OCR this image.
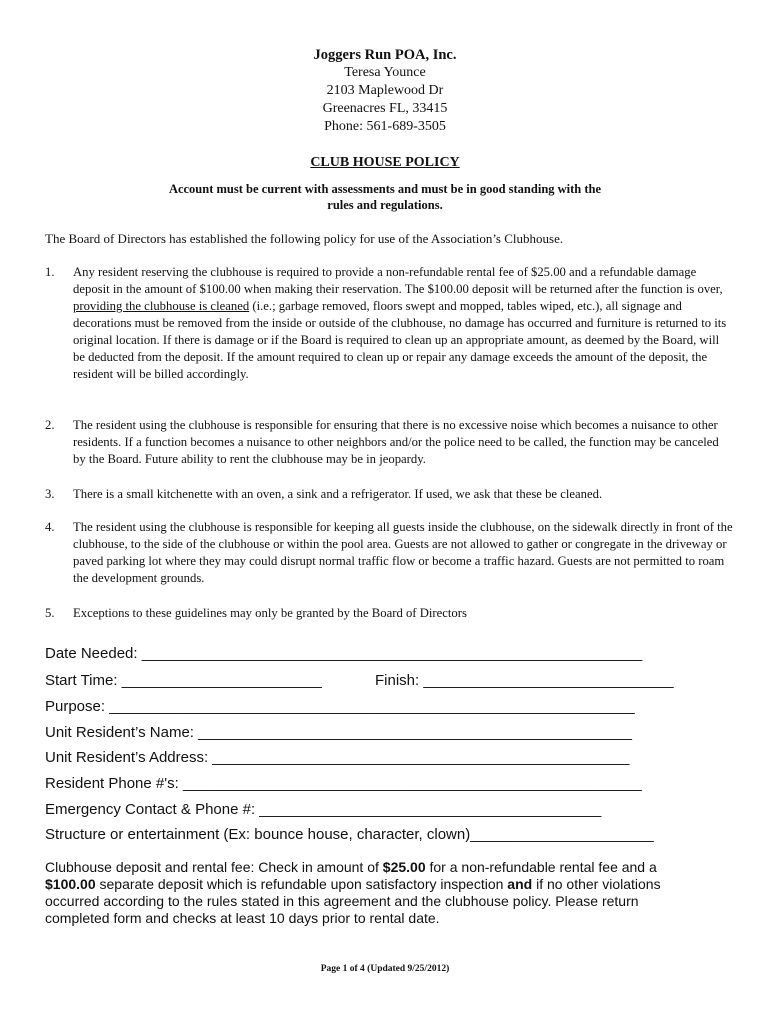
Joggers Run POA, Inc.
Teresa Younce
2103 Maplewood Dr
Greenacres FL, 33415
Phone: 561-689-3505
CLUB HOUSE POLICY
Account must be current with assessments and must be in good standing with the rules and regulations.
The Board of Directors has established the following policy for use of the Association’s Clubhouse.
1. Any resident reserving the clubhouse is required to provide a non-refundable rental fee of $25.00 and a refundable damage deposit in the amount of $100.00 when making their reservation. The $100.00 deposit will be returned after the function is over, providing the clubhouse is cleaned (i.e.; garbage removed, floors swept and mopped, tables wiped, etc.), all signage and decorations must be removed from the inside or outside of the clubhouse, no damage has occurred and furniture is returned to its original location. If there is damage or if the Board is required to clean up an appropriate amount, as deemed by the Board, will be deducted from the deposit. If the amount required to clean up or repair any damage exceeds the amount of the deposit, the resident will be billed accordingly.
2. The resident using the clubhouse is responsible for ensuring that there is no excessive noise which becomes a nuisance to other residents. If a function becomes a nuisance to other neighbors and/or the police need to be called, the function may be canceled by the Board. Future ability to rent the clubhouse may be in jeopardy.
3. There is a small kitchenette with an oven, a sink and a refrigerator. If used, we ask that these be cleaned.
4. The resident using the clubhouse is responsible for keeping all guests inside the clubhouse, on the sidewalk directly in front of the clubhouse, to the side of the clubhouse or within the pool area. Guests are not allowed to gather or congregate in the driveway or paved parking lot where they may could disrupt normal traffic flow or become a traffic hazard. Guests are not permitted to roam the development grounds.
5. Exceptions to these guidelines may only be granted by the Board of Directors
Date Needed: ____________________________________________________________
Start Time: ________________________	Finish: ______________________________
Purpose: _______________________________________________________________
Unit Resident’s Name: ____________________________________________________
Unit Resident’s Address: __________________________________________________
Resident Phone #'s: _______________________________________________________
Emergency Contact & Phone #: _________________________________________
Structure or entertainment (Ex: bounce house, character, clown)______________________
Clubhouse deposit and rental fee: Check in amount of $25.00 for a non-refundable rental fee and a $100.00 separate deposit which is refundable upon satisfactory inspection and if no other violations occurred according to the rules stated in this agreement and the clubhouse policy. Please return completed form and checks at least 10 days prior to rental date.
Page 1 of 4 (Updated 9/25/2012)
